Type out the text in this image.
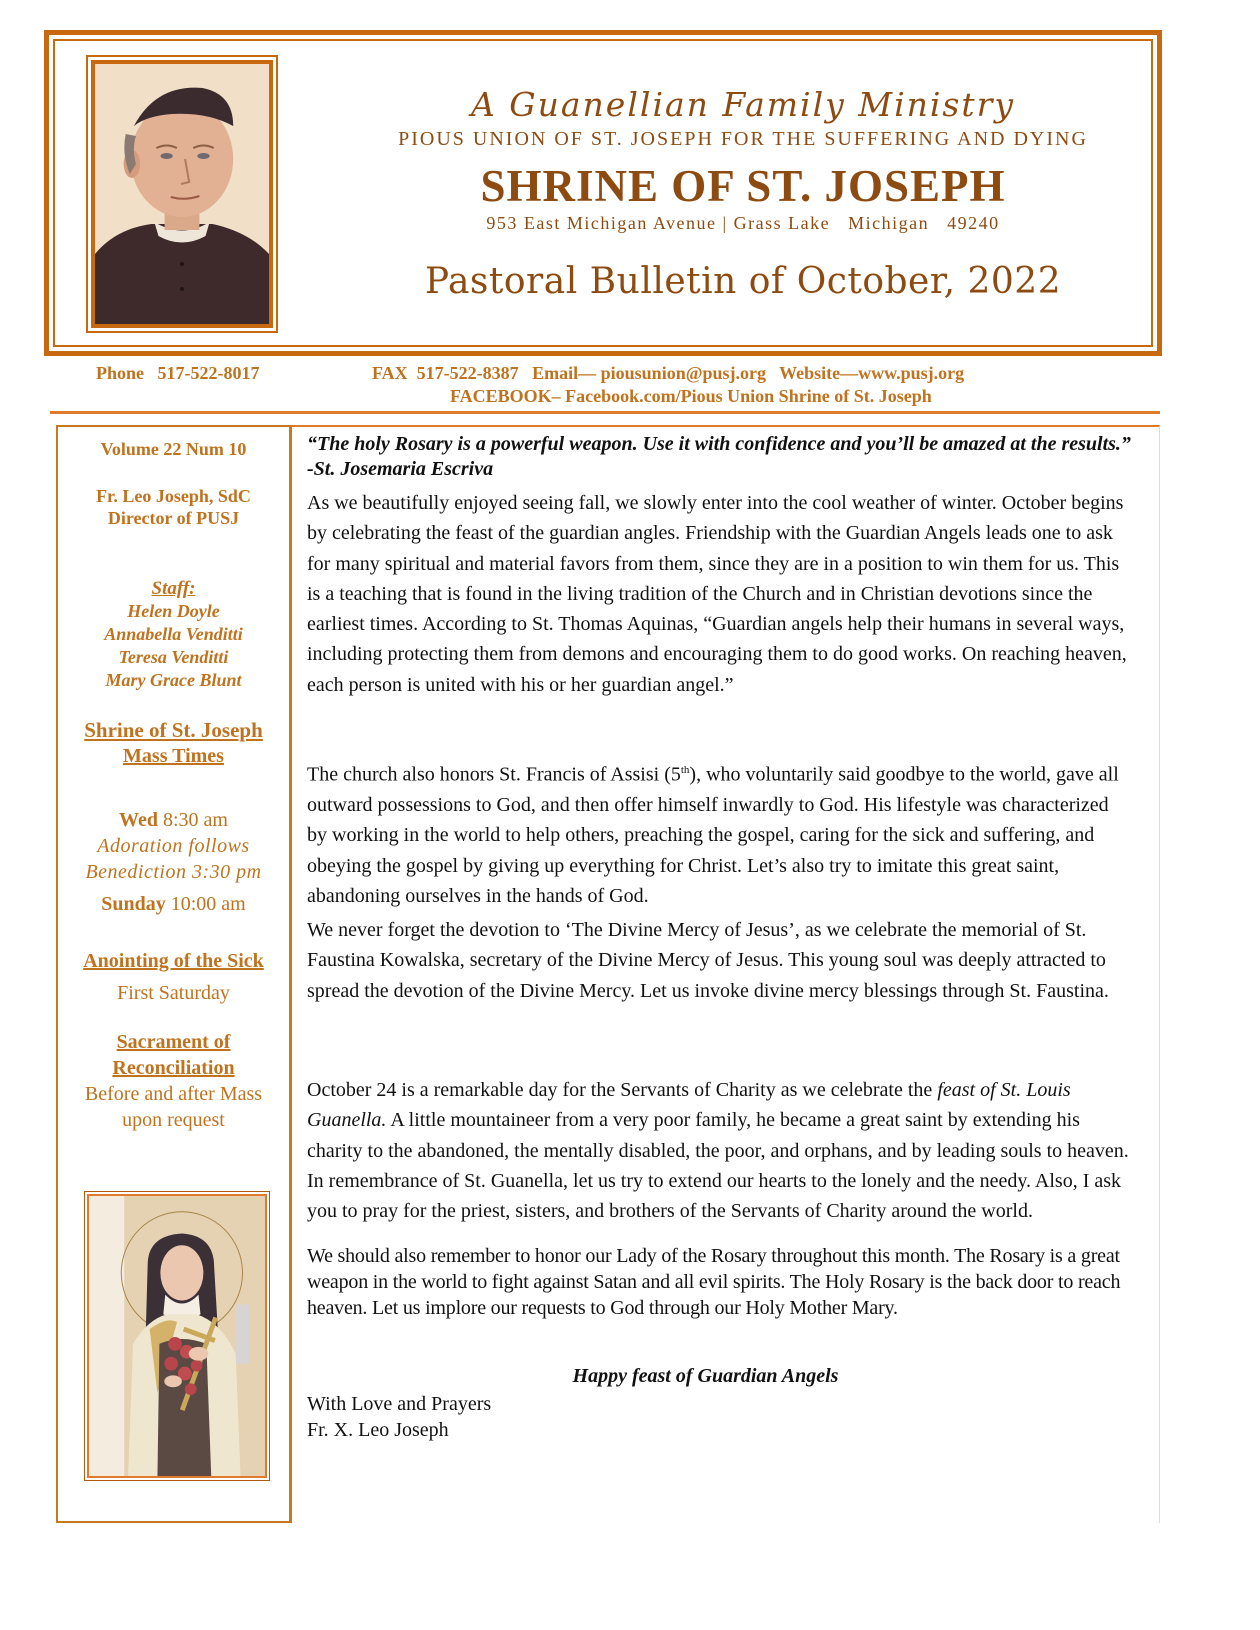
A Guanellian Family Ministry
PIOUS UNION OF ST. JOSEPH FOR THE SUFFERING AND DYING
SHRINE OF ST. JOSEPH
953 East Michigan Avenue | Grass Lake   Michigan   49240
Pastoral Bulletin of October, 2022
Phone   517-522-8017	FAX  517-522-8387   Email— piousunion@pusj.org   Website—www.pusj.org
FACEBOOK– Facebook.com/Pious Union Shrine of St. Joseph
Volume 22 Num 10
Fr. Leo Joseph, SdC
Director of PUSJ
Staff:
Helen Doyle
Annabella Venditti
Teresa Venditti
Mary Grace Blunt
Shrine of St. Joseph
Mass Times
Wed 8:30 am
Adoration follows
Benediction 3:30 pm
Sunday 10:00 am
Anointing of the Sick
First Saturday
Sacrament of
Reconciliation
Before and after Mass
upon request
“The holy Rosary is a powerful weapon. Use it with confidence and you’ll be amazed at the results.” -St. Josemaria Escriva
As we beautifully enjoyed seeing fall, we slowly enter into the cool weather of winter. October begins by celebrating the feast of the guardian angles. Friendship with the Guardian Angels leads one to ask for many spiritual and material favors from them, since they are in a position to win them for us. This is a teaching that is found in the living tradition of the Church and in Christian devotions since the earliest times. According to St. Thomas Aquinas, “Guardian angels help their humans in several ways, including protecting them from demons and encouraging them to do good works. On reaching heaven, each person is united with his or her guardian angel.”
The church also honors St. Francis of Assisi (5th), who voluntarily said goodbye to the world, gave all outward possessions to God, and then offer himself inwardly to God. His lifestyle was characterized by working in the world to help others, preaching the gospel, caring for the sick and suffering, and obeying the gospel by giving up everything for Christ. Let’s also try to imitate this great saint, abandoning ourselves in the hands of God.
We never forget the devotion to ‘The Divine Mercy of Jesus’, as we celebrate the memorial of St. Faustina Kowalska, secretary of the Divine Mercy of Jesus. This young soul was deeply attracted to spread the devotion of the Divine Mercy. Let us invoke divine mercy blessings through St. Faustina.
October 24 is a remarkable day for the Servants of Charity as we celebrate the feast of St. Louis Guanella. A little mountaineer from a very poor family, he became a great saint by extending his charity to the abandoned, the mentally disabled, the poor, and orphans, and by leading souls to heaven. In remembrance of St. Guanella, let us try to extend our hearts to the lonely and the needy. Also, I ask you to pray for the priest, sisters, and brothers of the Servants of Charity around the world.
We should also remember to honor our Lady of the Rosary throughout this month. The Rosary is a great weapon in the world to fight against Satan and all evil spirits. The Holy Rosary is the back door to reach heaven. Let us implore our requests to God through our Holy Mother Mary.
Happy feast of Guardian Angels
With Love and Prayers
Fr. X. Leo Joseph
